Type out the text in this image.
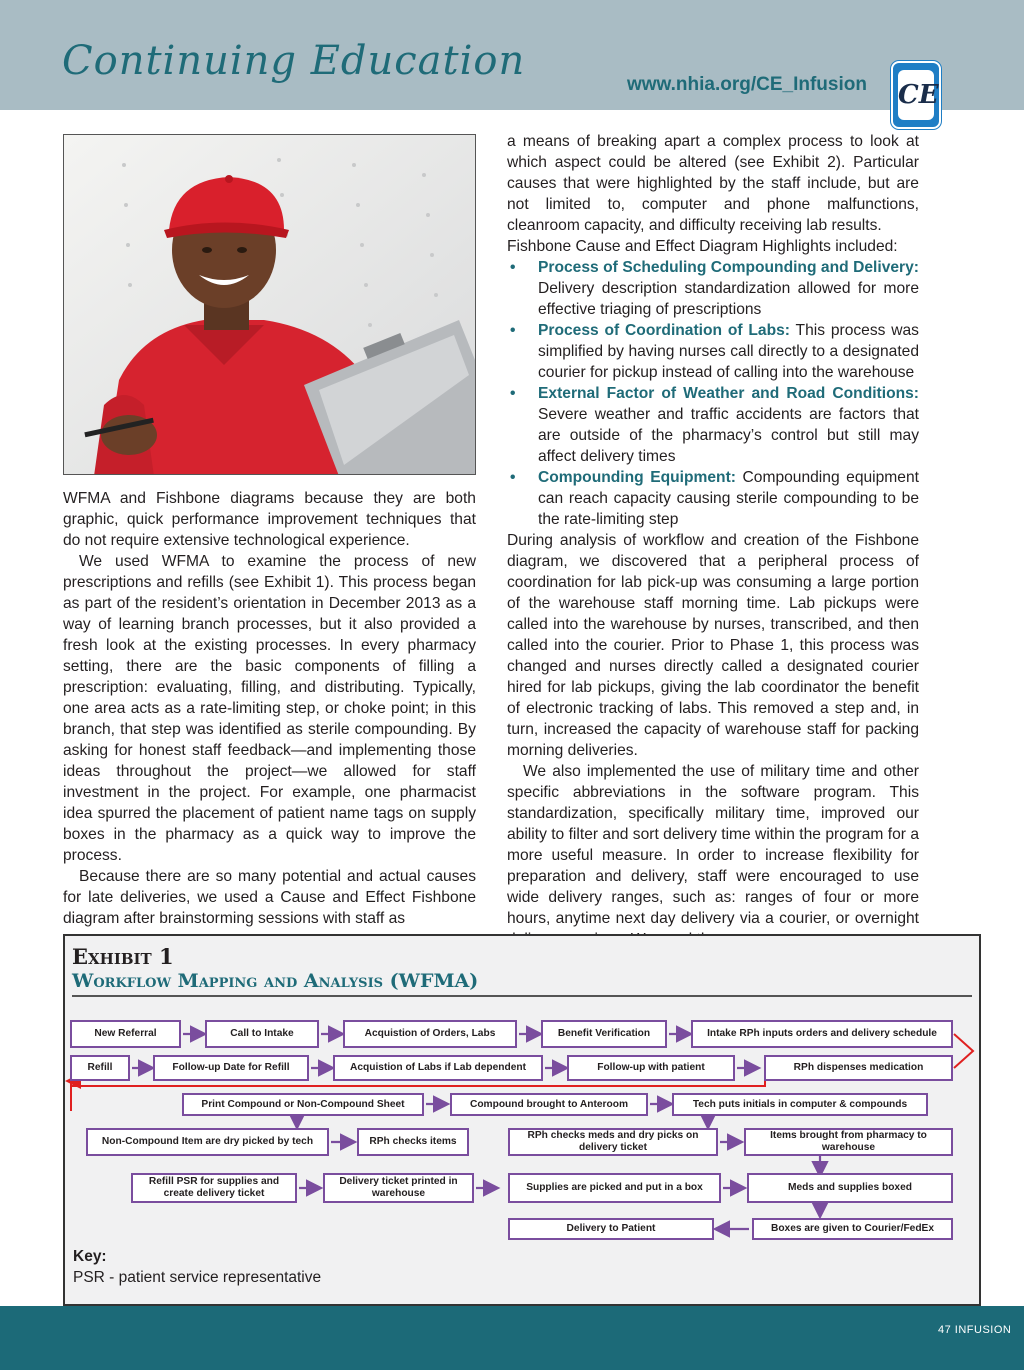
Continuing Education
www.nhia.org/CE_Infusion CE

WFMA and Fishbone diagrams because they are both graphic, quick performance improvement techniques that do not require extensive technological experience.

We used WFMA to examine the process of new prescriptions and refills (see Exhibit 1). This process began as part of the resident’s orientation in December 2013 as a way of learning branch processes, but it also provided a fresh look at the existing processes. In every pharmacy setting, there are the basic components of filling a prescription: evaluating, filling, and distributing. Typically, one area acts as a rate-limiting step, or choke point; in this branch, that step was identified as sterile compounding. By asking for honest staff feedback—and implementing those ideas throughout the project—we allowed for staff investment in the project. For example, one pharmacist idea spurred the placement of patient name tags on supply boxes in the pharmacy as a quick way to improve the process.

Because there are so many potential and actual causes for late deliveries, we used a Cause and Effect Fishbone diagram after brainstorming sessions with staff as

a means of breaking apart a complex process to look at which aspect could be altered (see Exhibit 2). Particular causes that were highlighted by the staff include, but are not limited to, computer and phone malfunctions, cleanroom capacity, and difficulty receiving lab results.

Fishbone Cause and Effect Diagram Highlights included:

• Process of Scheduling Compounding and Delivery: Delivery description standardization allowed for more effective triaging of prescriptions
• Process of Coordination of Labs: This process was simplified by having nurses call directly to a designated courier for pickup instead of calling into the warehouse
• External Factor of Weather and Road Conditions: Severe weather and traffic accidents are factors that are outside of the pharmacy’s control but still may affect delivery times
• Compounding Equipment: Compounding equipment can reach capacity causing sterile compounding to be the rate-limiting step

During analysis of workflow and creation of the Fishbone diagram, we discovered that a peripheral process of coordination for lab pick-up was consuming a large portion of the warehouse staff morning time. Lab pickups were called into the warehouse by nurses, transcribed, and then called into the courier. Prior to Phase 1, this process was changed and nurses directly called a designated courier hired for lab pickups, giving the lab coordinator the benefit of electronic tracking of labs. This removed a step and, in turn, increased the capacity of warehouse staff for packing morning deliveries.

We also implemented the use of military time and other specific abbreviations in the software program. This standardization, specifically military time, improved our ability to filter and sort delivery time within the program for a more useful measure. In order to increase flexibility for preparation and delivery, staff were encouraged to use wide delivery ranges, such as: ranges of four or more hours, anytime next day delivery via a courier, or overnight

Exhibit 1
Workflow Mapping and Analysis (WFMA)
New Referral	Call to Intake	Acquistion of Orders, Labs	Benefit Verification	Intake RPh inputs orders and delivery schedule
Refill	Follow-up Date for Refill	Acquistion of Labs if Lab dependent	Follow-up with patient	RPh dispenses medication
Print Compound or Non-Compound Sheet	Compound brought to Anteroom	Tech puts initials in computer & compounds
Non-Compound Item are dry picked by tech	RPh checks items
RPh checks meds and dry picks on delivery ticket
Items brought from pharmacy to warehouse
Refill PSR for supplies and create delivery ticket
Delivery ticket printed in warehouse
Supplies are picked and put in a box	Meds and supplies boxed
Delivery to Patient	Boxes are given to Courier/FedEx
Key:
PSR - patient service representative
47 INFUSION
